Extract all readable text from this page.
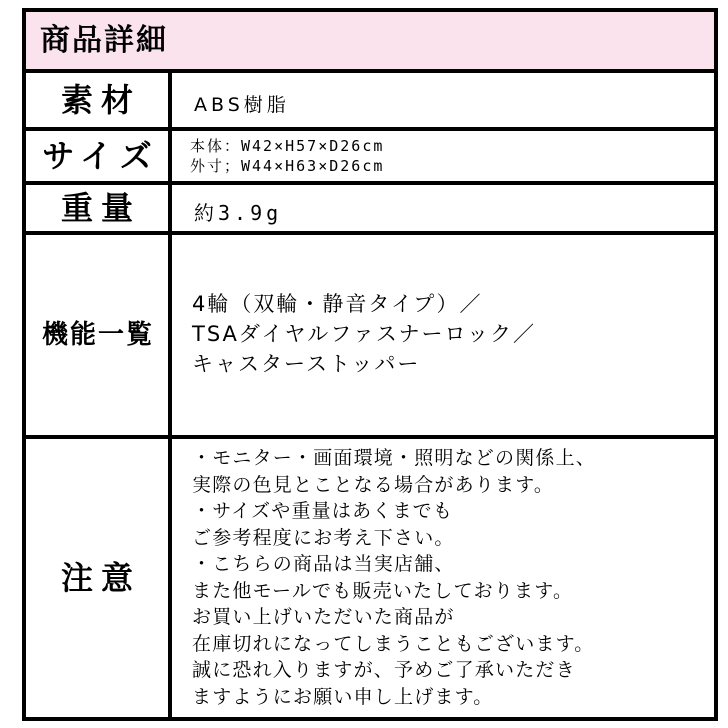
商品詳細
素材	ABS樹脂
サイズ 本体：W42×H57×D26cm
外寸；W44×H63×D26cm
重量	約3.9g
機能一覧
4輪（双輪・静音タイプ）／
TSAダイヤルファスナーロック／
キャスターストッパー
注意
・モニター・画面環境・照明などの関係上、
実際の色見とことなる場合があります。
・サイズや重量はあくまでも
ご参考程度にお考え下さい。
・こちらの商品は当実店舗、
また他モールでも販売いたしております。
お買い上げいただいた商品が
在庫切れになってしまうこともございます。
誠に恐れ入りますが、予めご了承いただき
ますようにお願い申し上げます。
